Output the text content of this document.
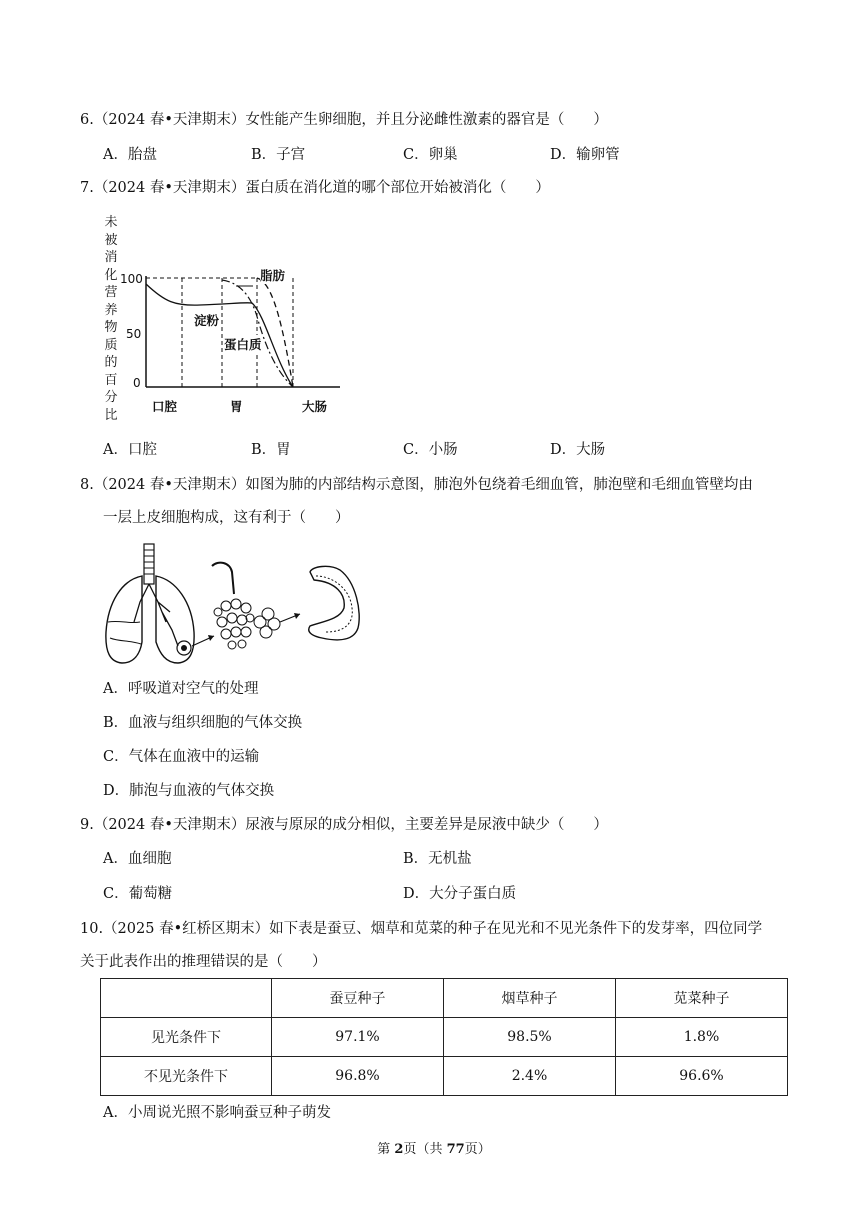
6.（2024 春•天津期末）女性能产生卵细胞，并且分泌雌性激素的器官是（　　）
A．胎盘	B．子宫	C．卵巢	D．输卵管
7.（2024 春•天津期末）蛋白质在消化道的哪个部位开始被消化（　　）
未
被
消
化
营
养
物
质
的
百
分
比
100
50
0
口腔	胃	大肠
脂肪
淀粉
蛋白质
A．口腔	B．胃	C．小肠	D．大肠
8.（2024 春•天津期末）如图为肺的内部结构示意图，肺泡外包绕着毛细血管，肺泡壁和毛细血管壁均由
一层上皮细胞构成，这有利于（　　）
A．呼吸道对空气的处理
B．血液与组织细胞的气体交换
C．气体在血液中的运输
D．肺泡与血液的气体交换
9.（2024 春•天津期末）尿液与原尿的成分相似，主要差异是尿液中缺少（　　）
A．血细胞	B．无机盐
C．葡萄糖	D．大分子蛋白质
10.（2025 春•红桥区期末）如下表是蚕豆、烟草和苋菜的种子在见光和不见光条件下的发芽率，四位同学
关于此表作出的推理错误的是（　　）
	蚕豆种子	烟草种子	苋菜种子
见光条件下	97.1%	98.5%	1.8%
不见光条件下	96.8%	2.4%	96.6%
A．小周说光照不影响蚕豆种子萌发
第 2页（共 77页）
